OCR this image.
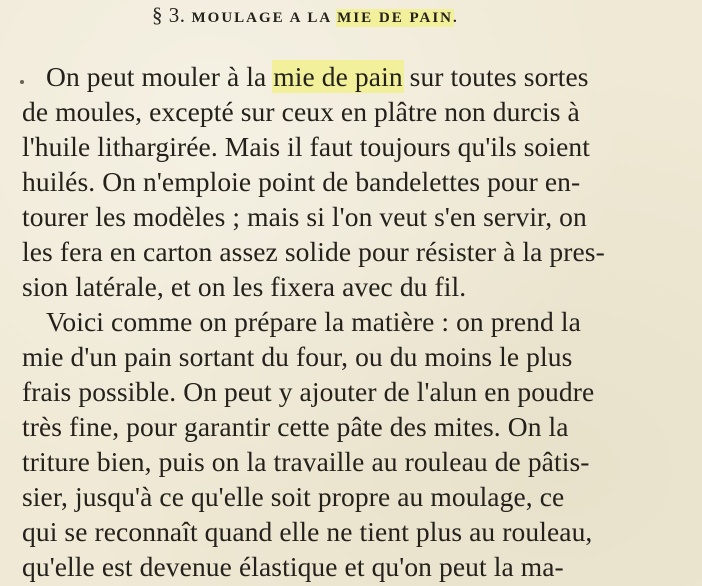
§ 3. MOULAGE A LA MIE DE PAIN.
On peut mouler à la mie de pain sur toutes sortes
de moules, excepté sur ceux en plâtre non durcis à
l'huile lithargirée. Mais il faut toujours qu'ils soient
huilés. On n'emploie point de bandelettes pour en-
tourer les modèles ; mais si l'on veut s'en servir, on
les fera en carton assez solide pour résister à la pres-
sion latérale, et on les fixera avec du fil.
Voici comme on prépare la matière : on prend la
mie d'un pain sortant du four, ou du moins le plus
frais possible. On peut y ajouter de l'alun en poudre
très fine, pour garantir cette pâte des mites. On la
triture bien, puis on la travaille au rouleau de pâtis-
sier, jusqu'à ce qu'elle soit propre au moulage, ce
qui se reconnaît quand elle ne tient plus au rouleau,
qu'elle est devenue élastique et qu'on peut la ma-
